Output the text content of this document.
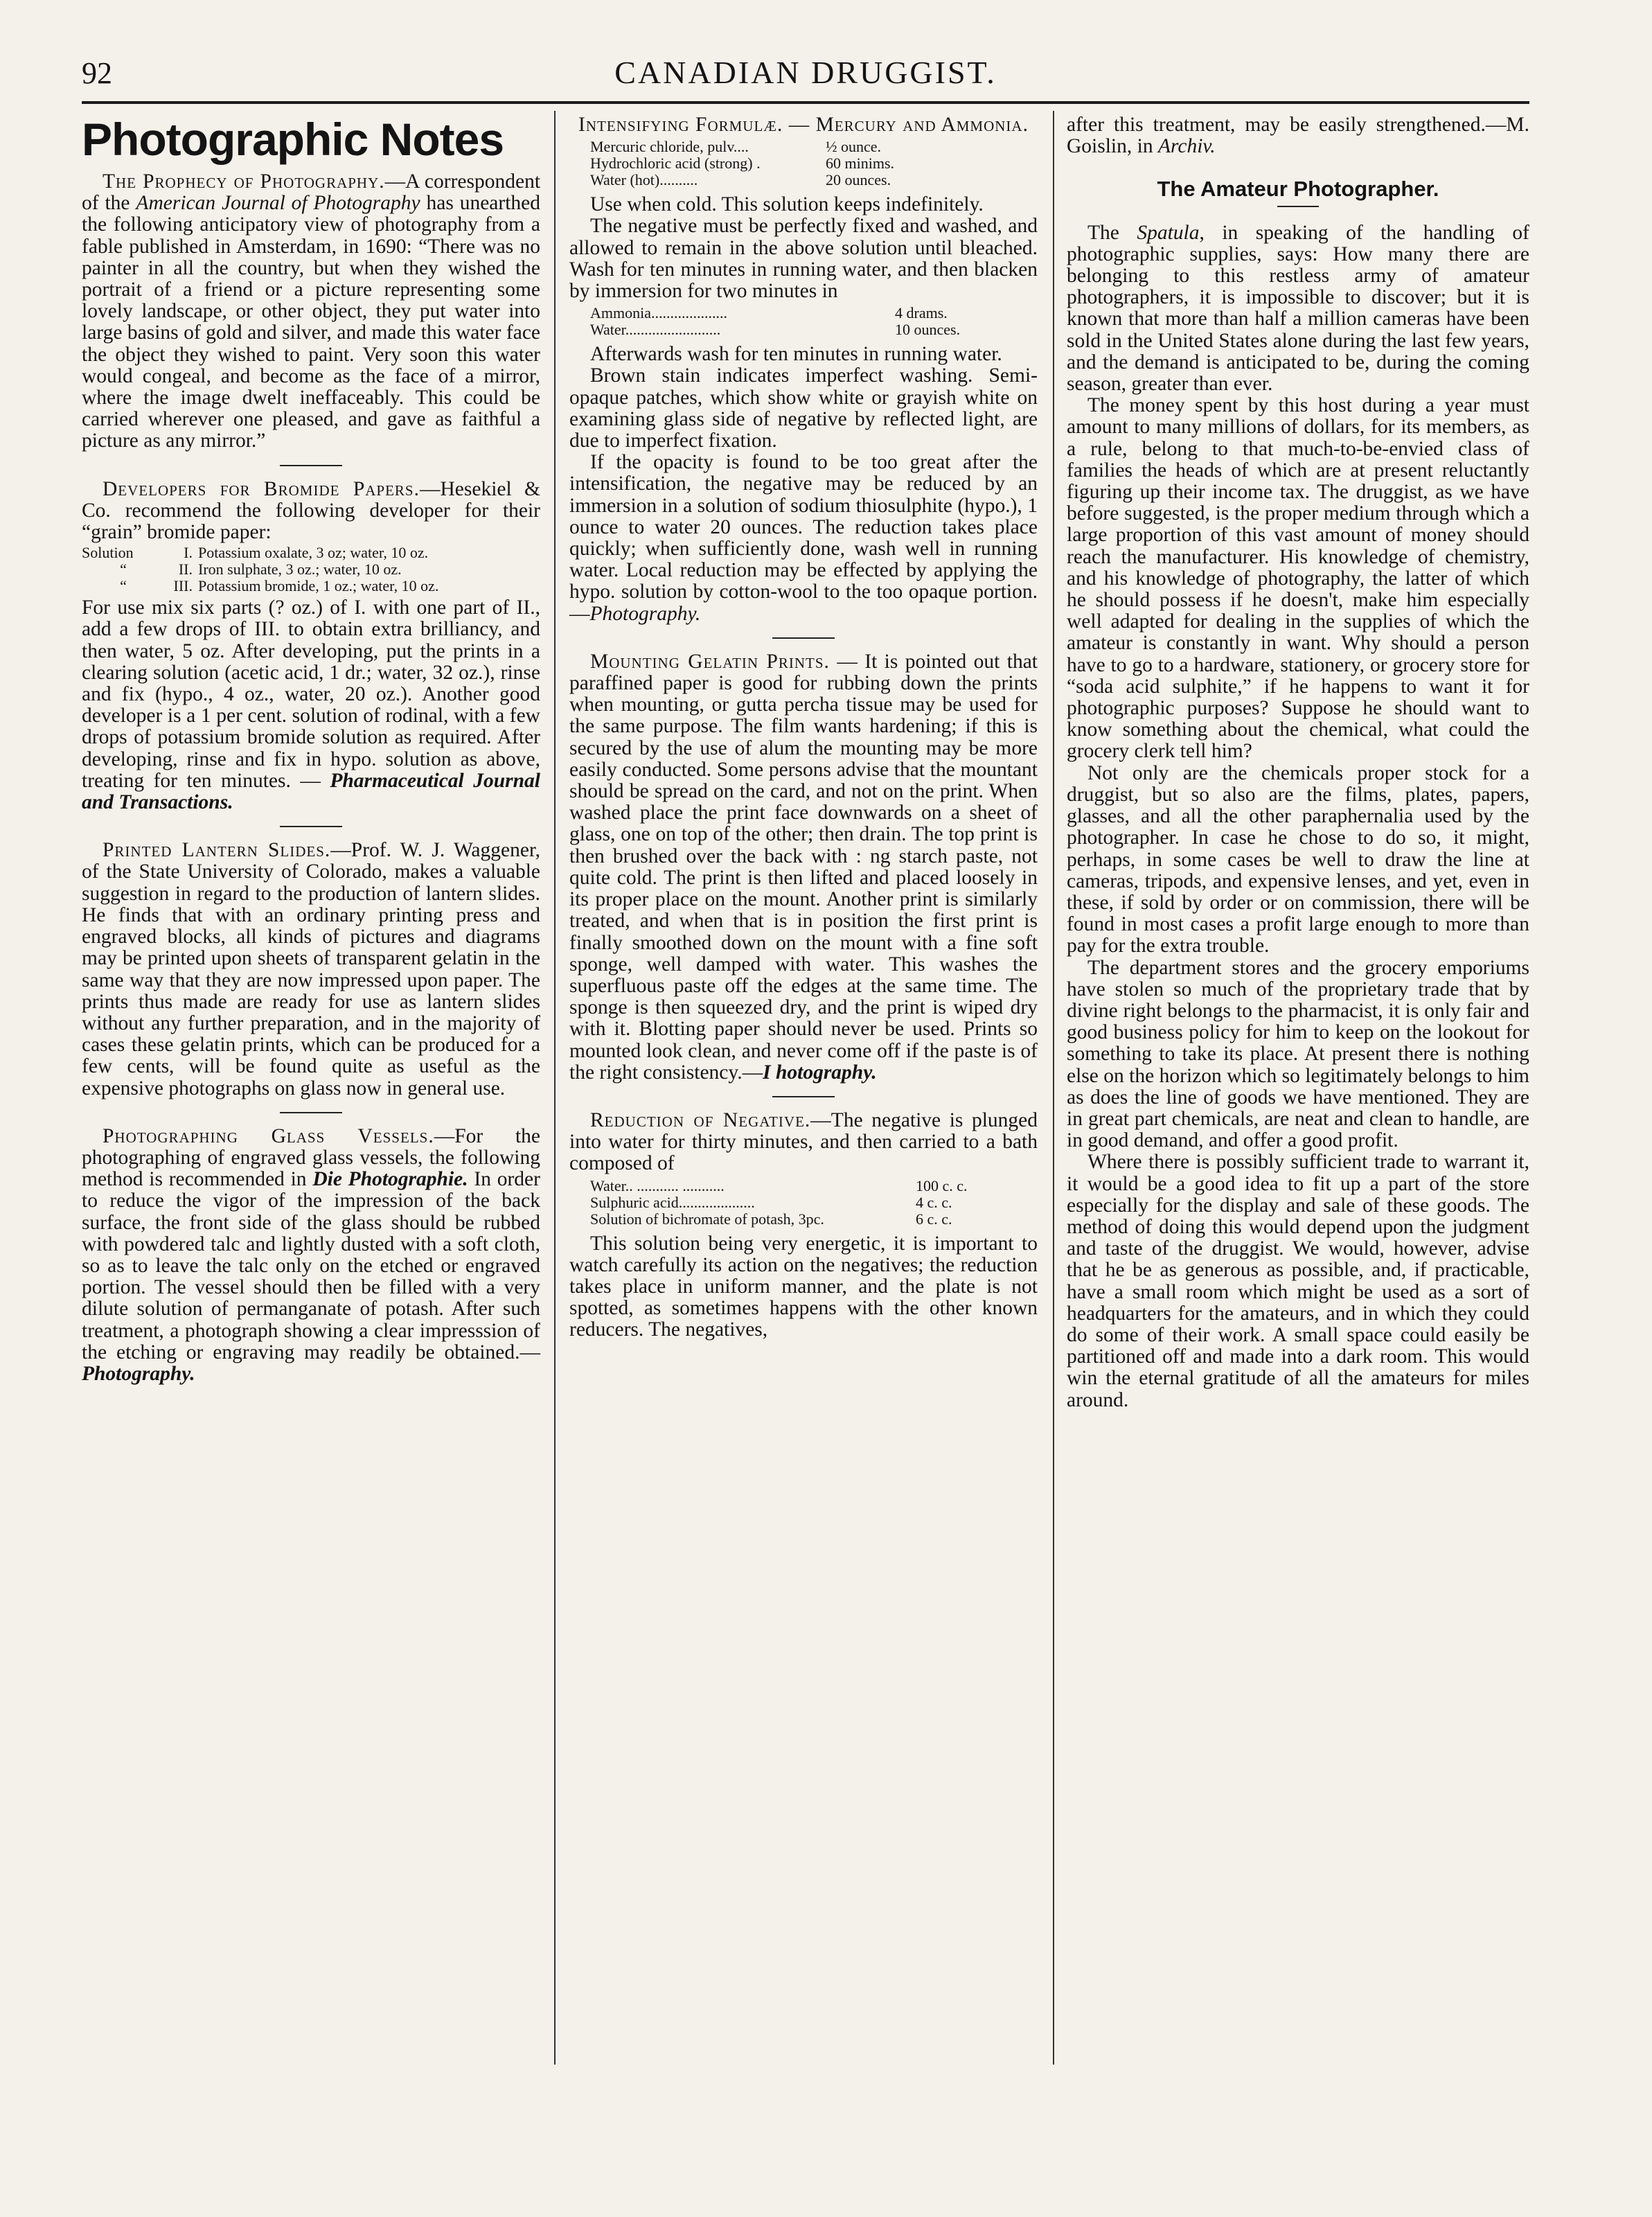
92	CANADIAN DRUGGIST.
Photographic Notes

The Prophecy of Photography.—A correspondent of the American Journal of Photography has unearthed the following anticipatory view of photography from a fable published in Amsterdam, in 1690: “There was no painter in all the country, but when they wished the portrait of a friend or a picture representing some lovely landscape, or other object, they put water into large basins of gold and silver, and made this water face the object they wished to paint. Very soon this water would congeal, and become as the face of a mirror, where the image dwelt ineffaceably. This could be carried wherever one pleased, and gave as faithful a picture as any mirror.”

Developers for Bromide Papers.—Hesekiel & Co. recommend the following developer for their “grain” bromide paper:

Solution	I.	Potassium oxalate, 3 oz; water, 10 oz.
“	II.	Iron sulphate, 3 oz.; water, 10 oz.
“	III.	Potassium bromide, 1 oz.; water, 10 oz.

For use mix six parts (? oz.) of I. with one part of II., add a few drops of III. to obtain extra brilliancy, and then water, 5 oz. After developing, put the prints in a clearing solution (acetic acid, 1 dr.; water, 32 oz.), rinse and fix (hypo., 4 oz., water, 20 oz.). Another good developer is a 1 per cent. solution of rodinal, with a few drops of potassium bromide solution as required. After developing, rinse and fix in hypo. solution as above, treating for ten minutes. — Pharmaceutical Journal and Transactions.

Printed Lantern Slides.—Prof. W. J. Waggener, of the State University of Colorado, makes a valuable suggestion in regard to the production of lantern slides. He finds that with an ordinary printing press and engraved blocks, all kinds of pictures and diagrams may be printed upon sheets of transparent gelatin in the same way that they are now impressed upon paper. The prints thus made are ready for use as lantern slides without any further preparation, and in the majority of cases these gelatin prints, which can be produced for a few cents, will be found quite as useful as the expensive photographs on glass now in general use.

Photographing Glass Vessels.—For the photographing of engraved glass vessels, the following method is recommended in Die Photographie. In order to reduce the vigor of the impression of the back surface, the front side of the glass should be rubbed with powdered talc and lightly dusted with a soft cloth, so as to leave the talc only on the etched or engraved portion. The vessel should then be filled with a very dilute solution of permanganate of potash. After such treatment, a photograph showing a clear impresssion of the etching or engraving may readily be obtained.—Photography.

Intensifying Formulæ. — Mercury and Ammonia.

Mercuric chloride, pulv....	½ ounce.
Hydrochloric acid (strong) .	60 minims.
Water (hot)..........	20 ounces.

Use when cold. This solution keeps indefinitely.

The negative must be perfectly fixed and washed, and allowed to remain in the above solution until bleached. Wash for ten minutes in running water, and then blacken by immersion for two minutes in

Ammonia....................	4 drams.
Water.........................	10 ounces.

Afterwards wash for ten minutes in running water.

Brown stain indicates imperfect washing. Semi-opaque patches, which show white or grayish white on examining glass side of negative by reflected light, are due to imperfect fixation.

If the opacity is found to be too great after the intensification, the negative may be reduced by an immersion in a solution of sodium thiosulphite (hypo.), 1 ounce to water 20 ounces. The reduction takes place quickly; when sufficiently done, wash well in running water. Local reduction may be effected by applying the hypo. solution by cotton-wool to the too opaque portion.—Photography.

Mounting Gelatin Prints. — It is pointed out that paraffined paper is good for rubbing down the prints when mounting, or gutta percha tissue may be used for the same purpose. The film wants hardening; if this is secured by the use of alum the mounting may be more easily conducted. Some persons advise that the mountant should be spread on the card, and not on the print. When washed place the print face downwards on a sheet of glass, one on top of the other; then drain. The top print is then brushed over the back with : ng starch paste, not quite cold. The print is then lifted and placed loosely in its proper place on the mount. Another print is similarly treated, and when that is in position the first print is finally smoothed down on the mount with a fine soft sponge, well damped with water. This washes the superfluous paste off the edges at the same time. The sponge is then squeezed dry, and the print is wiped dry with it. Blotting paper should never be used. Prints so mounted look clean, and never come off if the paste is of the right consistency.—I hotography.

Reduction of Negative.—The negative is plunged into water for thirty minutes, and then carried to a bath composed of

Water.. ........... ...........	100 c. c.
Sulphuric acid....................	4 c. c.
Solution of bichromate of potash, 3pc.	6 c. c.

This solution being very energetic, it is important to watch carefully its action on the negatives; the reduction takes place in uniform manner, and the plate is not spotted, as sometimes happens with the other known reducers. The negatives,

after this treatment, may be easily strengthened.—M. Goislin, in Archiv.

The Amateur Photographer.

The Spatula, in speaking of the handling of photographic supplies, says: How many there are belonging to this restless army of amateur photographers, it is impossible to discover; but it is known that more than half a million cameras have been sold in the United States alone during the last few years, and the demand is anticipated to be, during the coming season, greater than ever.

The money spent by this host during a year must amount to many millions of dollars, for its members, as a rule, belong to that much-to-be-envied class of families the heads of which are at present reluctantly figuring up their income tax. The druggist, as we have before suggested, is the proper medium through which a large proportion of this vast amount of money should reach the manufacturer. His knowledge of chemistry, and his knowledge of photography, the latter of which he should possess if he doesn't, make him especially well adapted for dealing in the supplies of which the amateur is constantly in want. Why should a person have to go to a hardware, stationery, or grocery store for “soda acid sulphite,” if he happens to want it for photographic purposes? Suppose he should want to know something about the chemical, what could the grocery clerk tell him?

Not only are the chemicals proper stock for a druggist, but so also are the films, plates, papers, glasses, and all the other paraphernalia used by the photographer. In case he chose to do so, it might, perhaps, in some cases be well to draw the line at cameras, tripods, and expensive lenses, and yet, even in these, if sold by order or on commission, there will be found in most cases a profit large enough to more than pay for the extra trouble.

The department stores and the grocery emporiums have stolen so much of the proprietary trade that by divine right belongs to the pharmacist, it is only fair and good business policy for him to keep on the lookout for something to take its place. At present there is nothing else on the horizon which so legitimately belongs to him as does the line of goods we have mentioned. They are in great part chemicals, are neat and clean to handle, are in good demand, and offer a good profit.

Where there is possibly sufficient trade to warrant it, it would be a good idea to fit up a part of the store especially for the display and sale of these goods. The method of doing this would depend upon the judgment and taste of the druggist. We would, however, advise that he be as generous as possible, and, if practicable, have a small room which might be used as a sort of headquarters for the amateurs, and in which they could do some of their work. A small space could easily be partitioned off and made into a dark room. This would win the eternal gratitude of all the amateurs for miles around.
